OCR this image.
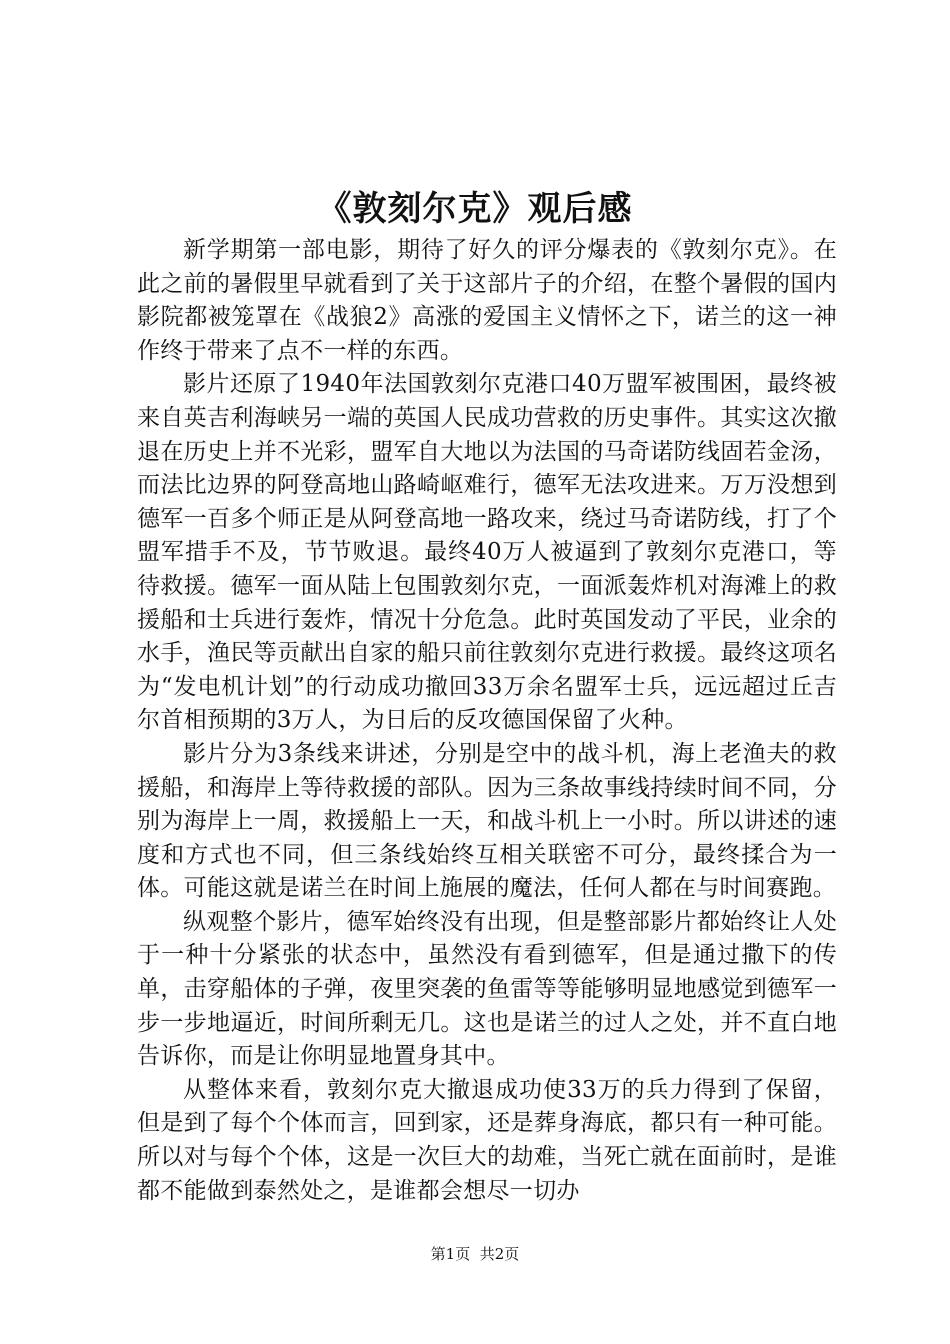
《敦刻尔克》观后感

新学期第一部电影，期待了好久的评分爆表的《敦刻尔克》。在此之前的暑假里早就看到了关于这部片子的介绍，在整个暑假的国内影院都被笼罩在《战狼2》高涨的爱国主义情怀之下，诺兰的这一神作终于带来了点不一样的东西。

影片还原了1940年法国敦刻尔克港口40万盟军被围困，最终被来自英吉利海峡另一端的英国人民成功营救的历史事件。其实这次撤退在历史上并不光彩，盟军自大地以为法国的马奇诺防线固若金汤，而法比边界的阿登高地山路崎岖难行，德军无法攻进来。万万没想到德军一百多个师正是从阿登高地一路攻来，绕过马奇诺防线，打了个盟军措手不及，节节败退。最终40万人被逼到了敦刻尔克港口，等待救援。德军一面从陆上包围敦刻尔克，一面派轰炸机对海滩上的救援船和士兵进行轰炸，情况十分危急。此时英国发动了平民，业余的水手，渔民等贡献出自家的船只前往敦刻尔克进行救援。最终这项名为“发电机计划”的行动成功撤回33万余名盟军士兵，远远超过丘吉尔首相预期的3万人，为日后的反攻德国保留了火种。

影片分为3条线来讲述，分别是空中的战斗机，海上老渔夫的救援船，和海岸上等待救援的部队。因为三条故事线持续时间不同，分别为海岸上一周，救援船上一天，和战斗机上一小时。所以讲述的速度和方式也不同，但三条线始终互相关联密不可分，最终揉合为一体。可能这就是诺兰在时间上施展的魔法，任何人都在与时间赛跑。

纵观整个影片，德军始终没有出现，但是整部影片都始终让人处于一种十分紧张的状态中，虽然没有看到德军，但是通过撒下的传单，击穿船体的子弹，夜里突袭的鱼雷等等能够明显地感觉到德军一步一步地逼近，时间所剩无几。这也是诺兰的过人之处，并不直白地告诉你，而是让你明显地置身其中。

从整体来看，敦刻尔克大撤退成功使33万的兵力得到了保留，但是到了每个个体而言，回到家，还是葬身海底，都只有一种可能。所以对与每个个体，这是一次巨大的劫难，当死亡就在面前时，是谁都不能做到泰然处之，是谁都会想尽一切办

第1页 共2页
